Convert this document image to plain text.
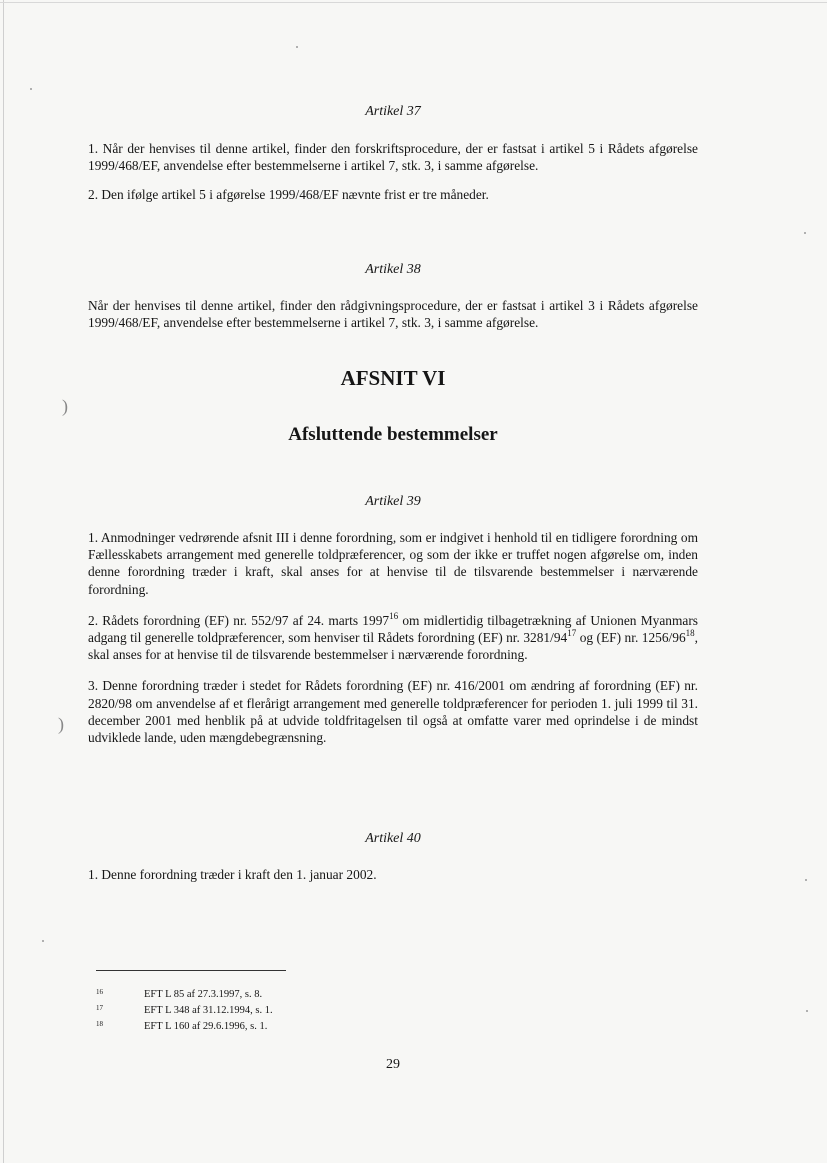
Artikel 37

1. Når der henvises til denne artikel, finder den forskriftsprocedure, der er fastsat i artikel 5 i Rådets afgørelse 1999/468/EF, anvendelse efter bestemmelserne i artikel 7, stk. 3, i samme afgørelse.

2. Den ifølge artikel 5 i afgørelse 1999/468/EF nævnte frist er tre måneder.

Artikel 38

Når der henvises til denne artikel, finder den rådgivningsprocedure, der er fastsat i artikel 3 i Rådets afgørelse 1999/468/EF, anvendelse efter bestemmelserne i artikel 7, stk. 3, i samme afgørelse.

AFSNIT VI
Afsluttende bestemmelser
Artikel 39

1. Anmodninger vedrørende afsnit III i denne forordning, som er indgivet i henhold til en tidligere forordning om Fællesskabets arrangement med generelle toldpræferencer, og som der ikke er truffet nogen afgørelse om, inden denne forordning træder i kraft, skal anses for at henvise til de tilsvarende bestemmelser i nærværende forordning.

2. Rådets forordning (EF) nr. 552/97 af 24. marts 1997$^{16}$ om midlertidig tilbagetrækning af Unionen Myanmars adgang til generelle toldpræferencer, som henviser til Rådets forordning (EF) nr. $3281/94^{17}$ og (EF) nr. $1256/96^{18}$, skal anses for at henvise til de tilsvarende bestemmelser i nærværende forordning.

3. Denne forordning træder i stedet for Rådets forordning (EF) nr. 416/2001 om ændring af forordning (EF) nr. 2820/98 om anvendelse af et flerårigt arrangement med generelle toldpræferencer for perioden 1. juli 1999 til 31. december 2001 med henblik på at udvide toldfritagelsen til også at omfatte varer med oprindelse i de mindst udviklede lande, uden mængdebegrænsning.

Artikel 40

1. Denne forordning træder i kraft den 1. januar 2002.

16	EFT L 85 af 27.3.1997, s. 8.
17	EFT L 348 af 31.12.1994, s. 1.
18	EFT L 160 af 29.6.1996, s. 1.
29
)
)
